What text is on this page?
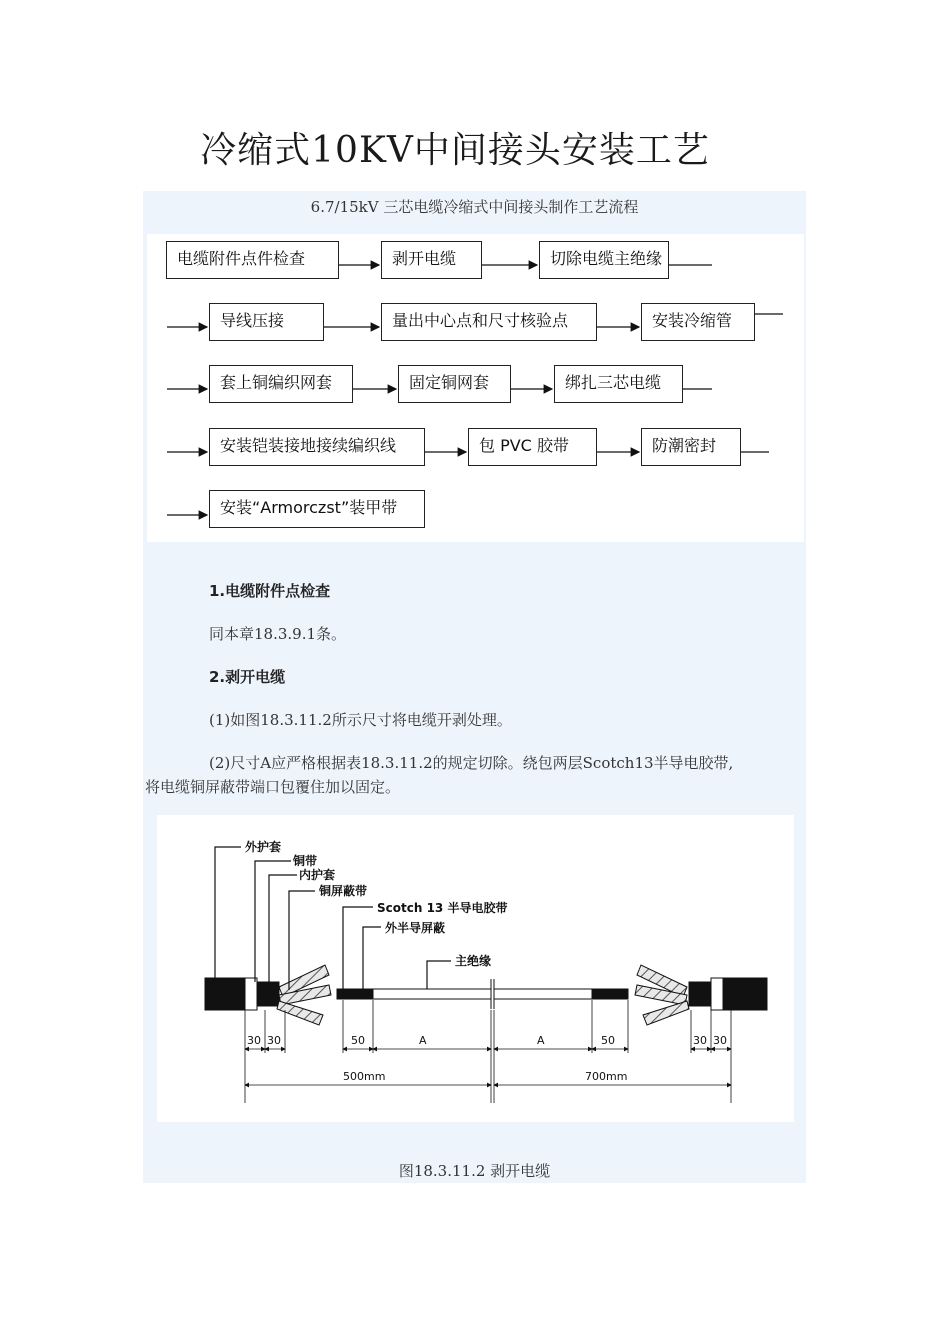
冷缩式10KV中间接头安装工艺
6.7/15kV 三芯电缆冷缩式中间接头制作工艺流程
电缆附件点件检查	剥开电缆	切除电缆主绝缘
导线压接	量出中心点和尺寸核验点	安装冷缩管
套上铜编织网套	固定铜网套	绑扎三芯电缆
安装铠装接地接续编织线	包 PVC 胶带	防潮密封
安装“Armorczst”装甲带
1.电缆附件点检查
同本章18.3.9.1条。
2.剥开电缆
(1)如图18.3.11.2所示尺寸将电缆开剥处理。
(2)尺寸A应严格根据表18.3.11.2的规定切除。绕包两层Scotch13半导电胶带,
将电缆铜屏蔽带端口包覆住加以固定。
外护套
铜带
内护套
铜屏蔽带
Scotch 13 半导电胶带
外半导屏蔽
主绝缘
30 30	50	A
500mm
A	50	30 30
700mm
图18.3.11.2 剥开电缆
